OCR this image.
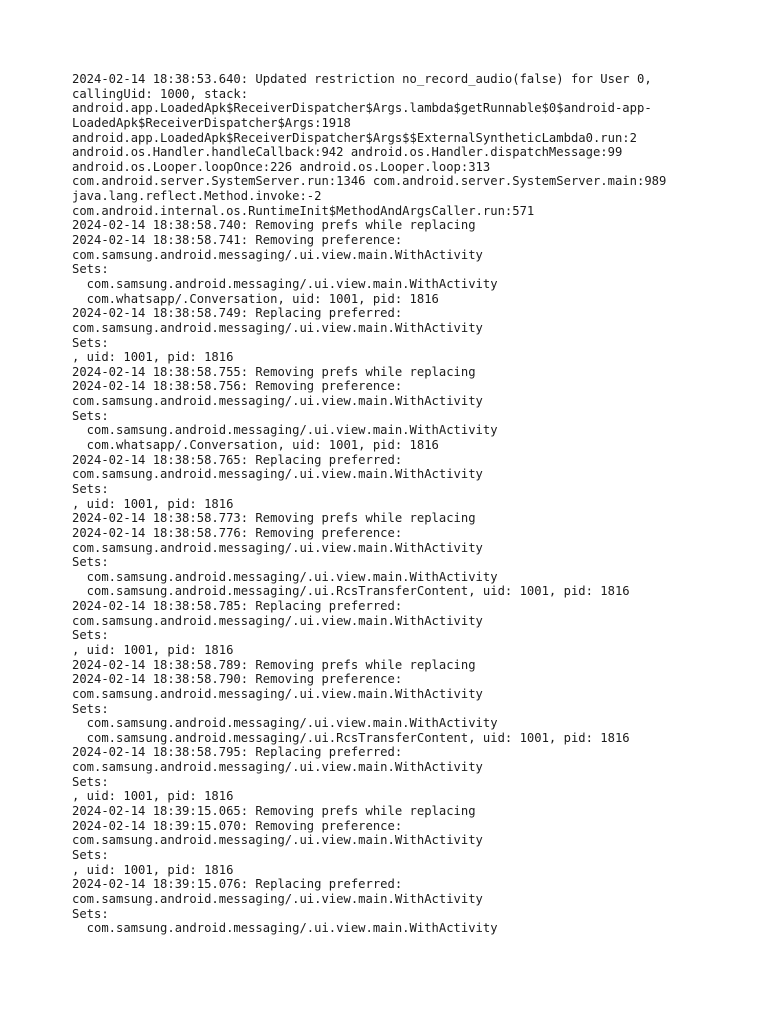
2024-02-14 18:38:53.640: Updated restriction no_record_audio(false) for User 0,
callingUid: 1000, stack:
android.app.LoadedApk$ReceiverDispatcher$Args.lambda$getRunnable$0$android-app-
LoadedApk$ReceiverDispatcher$Args:1918
android.app.LoadedApk$ReceiverDispatcher$Args$$ExternalSyntheticLambda0.run:2
android.os.Handler.handleCallback:942 android.os.Handler.dispatchMessage:99
android.os.Looper.loopOnce:226 android.os.Looper.loop:313
com.android.server.SystemServer.run:1346 com.android.server.SystemServer.main:989
java.lang.reflect.Method.invoke:-2
com.android.internal.os.RuntimeInit$MethodAndArgsCaller.run:571
2024-02-14 18:38:58.740: Removing prefs while replacing
2024-02-14 18:38:58.741: Removing preference:
com.samsung.android.messaging/.ui.view.main.WithActivity
Sets:
com.samsung.android.messaging/.ui.view.main.WithActivity
com.whatsapp/.Conversation, uid: 1001, pid: 1816
2024-02-14 18:38:58.749: Replacing preferred:
com.samsung.android.messaging/.ui.view.main.WithActivity
Sets:
, uid: 1001, pid: 1816
2024-02-14 18:38:58.755: Removing prefs while replacing
2024-02-14 18:38:58.756: Removing preference:
com.samsung.android.messaging/.ui.view.main.WithActivity
Sets:
com.samsung.android.messaging/.ui.view.main.WithActivity
com.whatsapp/.Conversation, uid: 1001, pid: 1816
2024-02-14 18:38:58.765: Replacing preferred:
com.samsung.android.messaging/.ui.view.main.WithActivity
Sets:
, uid: 1001, pid: 1816
2024-02-14 18:38:58.773: Removing prefs while replacing
2024-02-14 18:38:58.776: Removing preference:
com.samsung.android.messaging/.ui.view.main.WithActivity
Sets:
com.samsung.android.messaging/.ui.view.main.WithActivity
com.samsung.android.messaging/.ui.RcsTransferContent, uid: 1001, pid: 1816
2024-02-14 18:38:58.785: Replacing preferred:
com.samsung.android.messaging/.ui.view.main.WithActivity
Sets:
, uid: 1001, pid: 1816
2024-02-14 18:38:58.789: Removing prefs while replacing
2024-02-14 18:38:58.790: Removing preference:
com.samsung.android.messaging/.ui.view.main.WithActivity
Sets:
com.samsung.android.messaging/.ui.view.main.WithActivity
com.samsung.android.messaging/.ui.RcsTransferContent, uid: 1001, pid: 1816
2024-02-14 18:38:58.795: Replacing preferred:
com.samsung.android.messaging/.ui.view.main.WithActivity
Sets:
, uid: 1001, pid: 1816
2024-02-14 18:39:15.065: Removing prefs while replacing
2024-02-14 18:39:15.070: Removing preference:
com.samsung.android.messaging/.ui.view.main.WithActivity
Sets:
, uid: 1001, pid: 1816
2024-02-14 18:39:15.076: Replacing preferred:
com.samsung.android.messaging/.ui.view.main.WithActivity
Sets:
com.samsung.android.messaging/.ui.view.main.WithActivity
